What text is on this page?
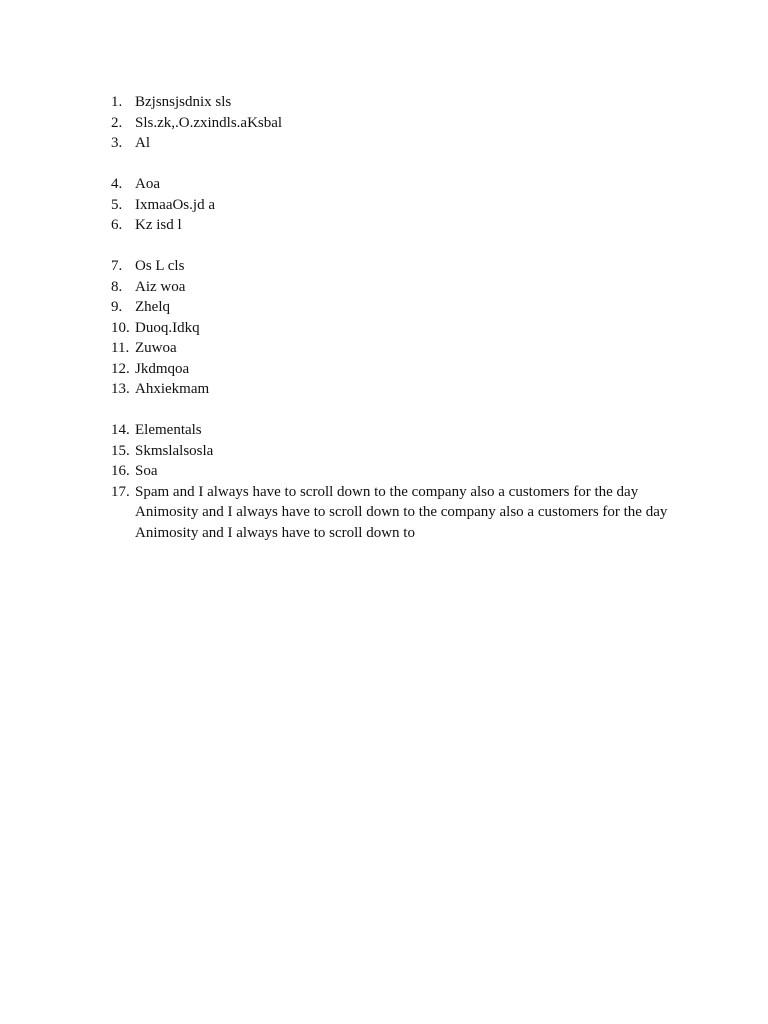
1. Bzjsnsjsdnix sls
2. Sls.zk,.O.zxindls.aKsbal
3. Al
4. Aoa
5. IxmaaOs.jd a
6. Kz isd l
7. Os L cls
8. Aiz woa
9. Zhelq
10. Duoq.Idkq
11. Zuwoa
12. Jkdmqoa
13. Ahxiekmam
14. Elementals
15. Skmslalsosla
16. Soa
17. Spam and I always have to scroll down to the company also a customers for the day
Animosity and I always have to scroll down to the company also a customers for the day
Animosity and I always have to scroll down to
